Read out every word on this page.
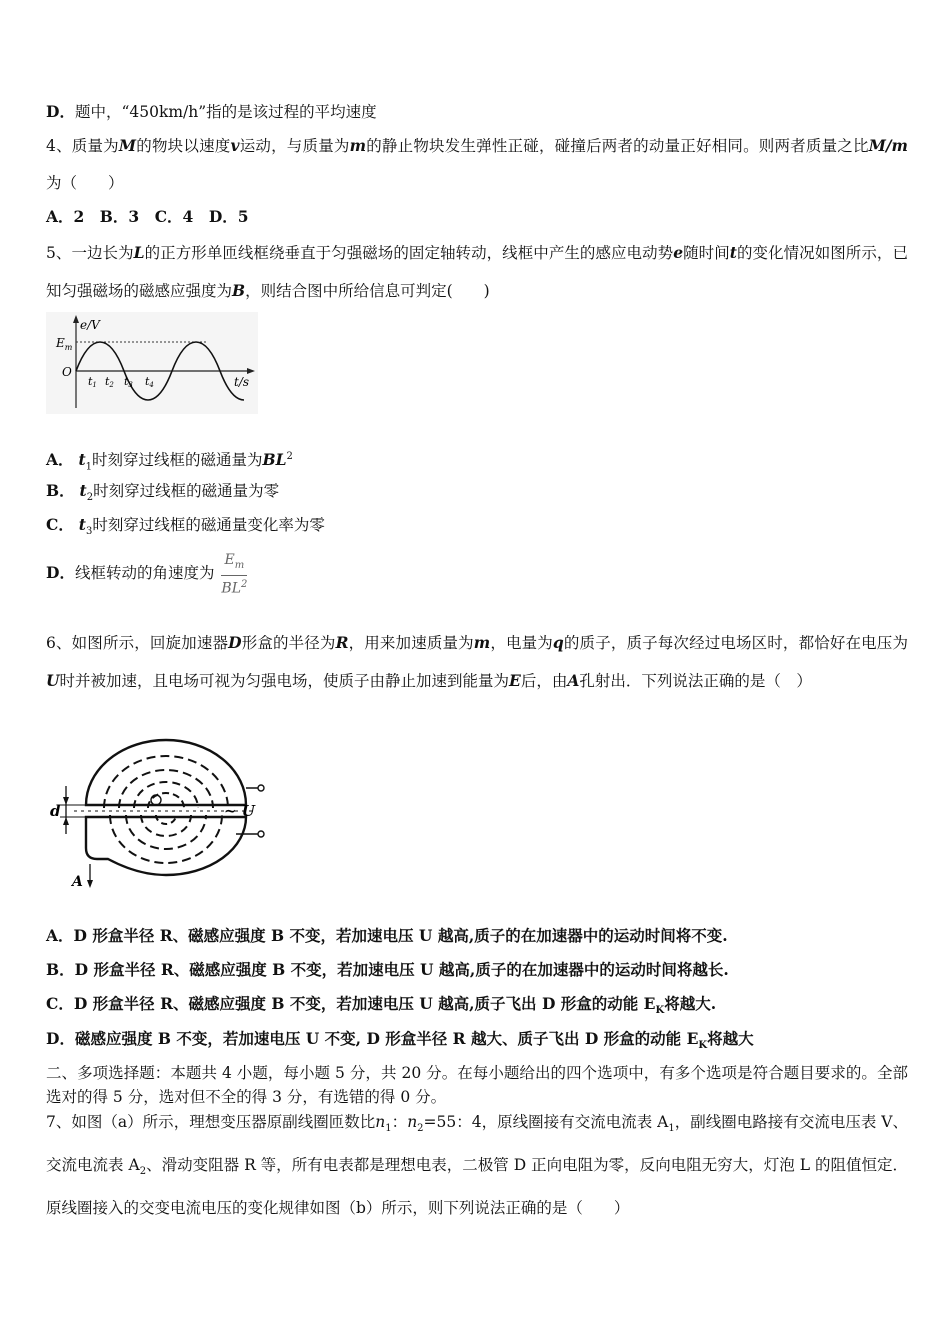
D．题中，“450km/h”指的是该过程的平均速度
4、质量为M的物块以速度v运动，与质量为m的静止物块发生弹性正碰，碰撞后两者的动量正好相同。则两者质量之比M/m为（　　）
A．2　B．3　C．4　D．5
5、一边长为L的正方形单匝线框绕垂直于匀强磁场的固定轴转动，线框中产生的感应电动势e随时间t的变化情况如图所示，已知匀强磁场的磁感应强度为B，则结合图中所给信息可判定(　　)
e/V
$E_m$
O
t1 t2 t3 t4	t/s
A． $t_1$时刻穿过线框的磁通量为$BL^2$
B． $t_2$时刻穿过线框的磁通量为零
C． $t_3$时刻穿过线框的磁通量变化率为零
D．线框转动的角速度为 $\frac{E_m}{BL^2}$
6、如图所示，回旋加速器D形盒的半径为R，用来加速质量为m，电量为q的质子，质子每次经过电场区时，都恰好在电压为U时并被加速，且电场可视为匀强电场，使质子由静止加速到能量为E后，由A孔射出．下列说法正确的是（　）
d	~ U
A
A．D 形盒半径 R、磁感应强度 B 不变，若加速电压 U 越高,质子的在加速器中的运动时间将不变.
B．D 形盒半径 R、磁感应强度 B 不变，若加速电压 U 越高,质子的在加速器中的运动时间将越长.
C．D 形盒半径 R、磁感应强度 B 不变，若加速电压 U 越高,质子飞出 D 形盒的动能 $E_K$将越大.
D．磁感应强度 B 不变，若加速电压 U 不变, D 形盒半径 R 越大、质子飞出 D 形盒的动能 $E_K$将越大
二、多项选择题：本题共 4 小题，每小题 5 分，共 20 分。在每小题给出的四个选项中，有多个选项是符合题目要求的。全部选对的得 5 分，选对但不全的得 3 分，有选错的得 0 分。
7、如图（a）所示，理想变压器原副线圈匝数比$n_1$：$n_2=55$：4，原线圈接有交流电流表 $A_1$，副线圈电路接有交流电压表 V、交流电流表 $A_2$、滑动变阻器 R 等，所有电表都是理想电表，二极管 D 正向电阻为零，反向电阻无穷大，灯泡 L 的阻值恒定．原线圈接入的交变电流电压的变化规律如图（b）所示，则下列说法正确的是（　　）
